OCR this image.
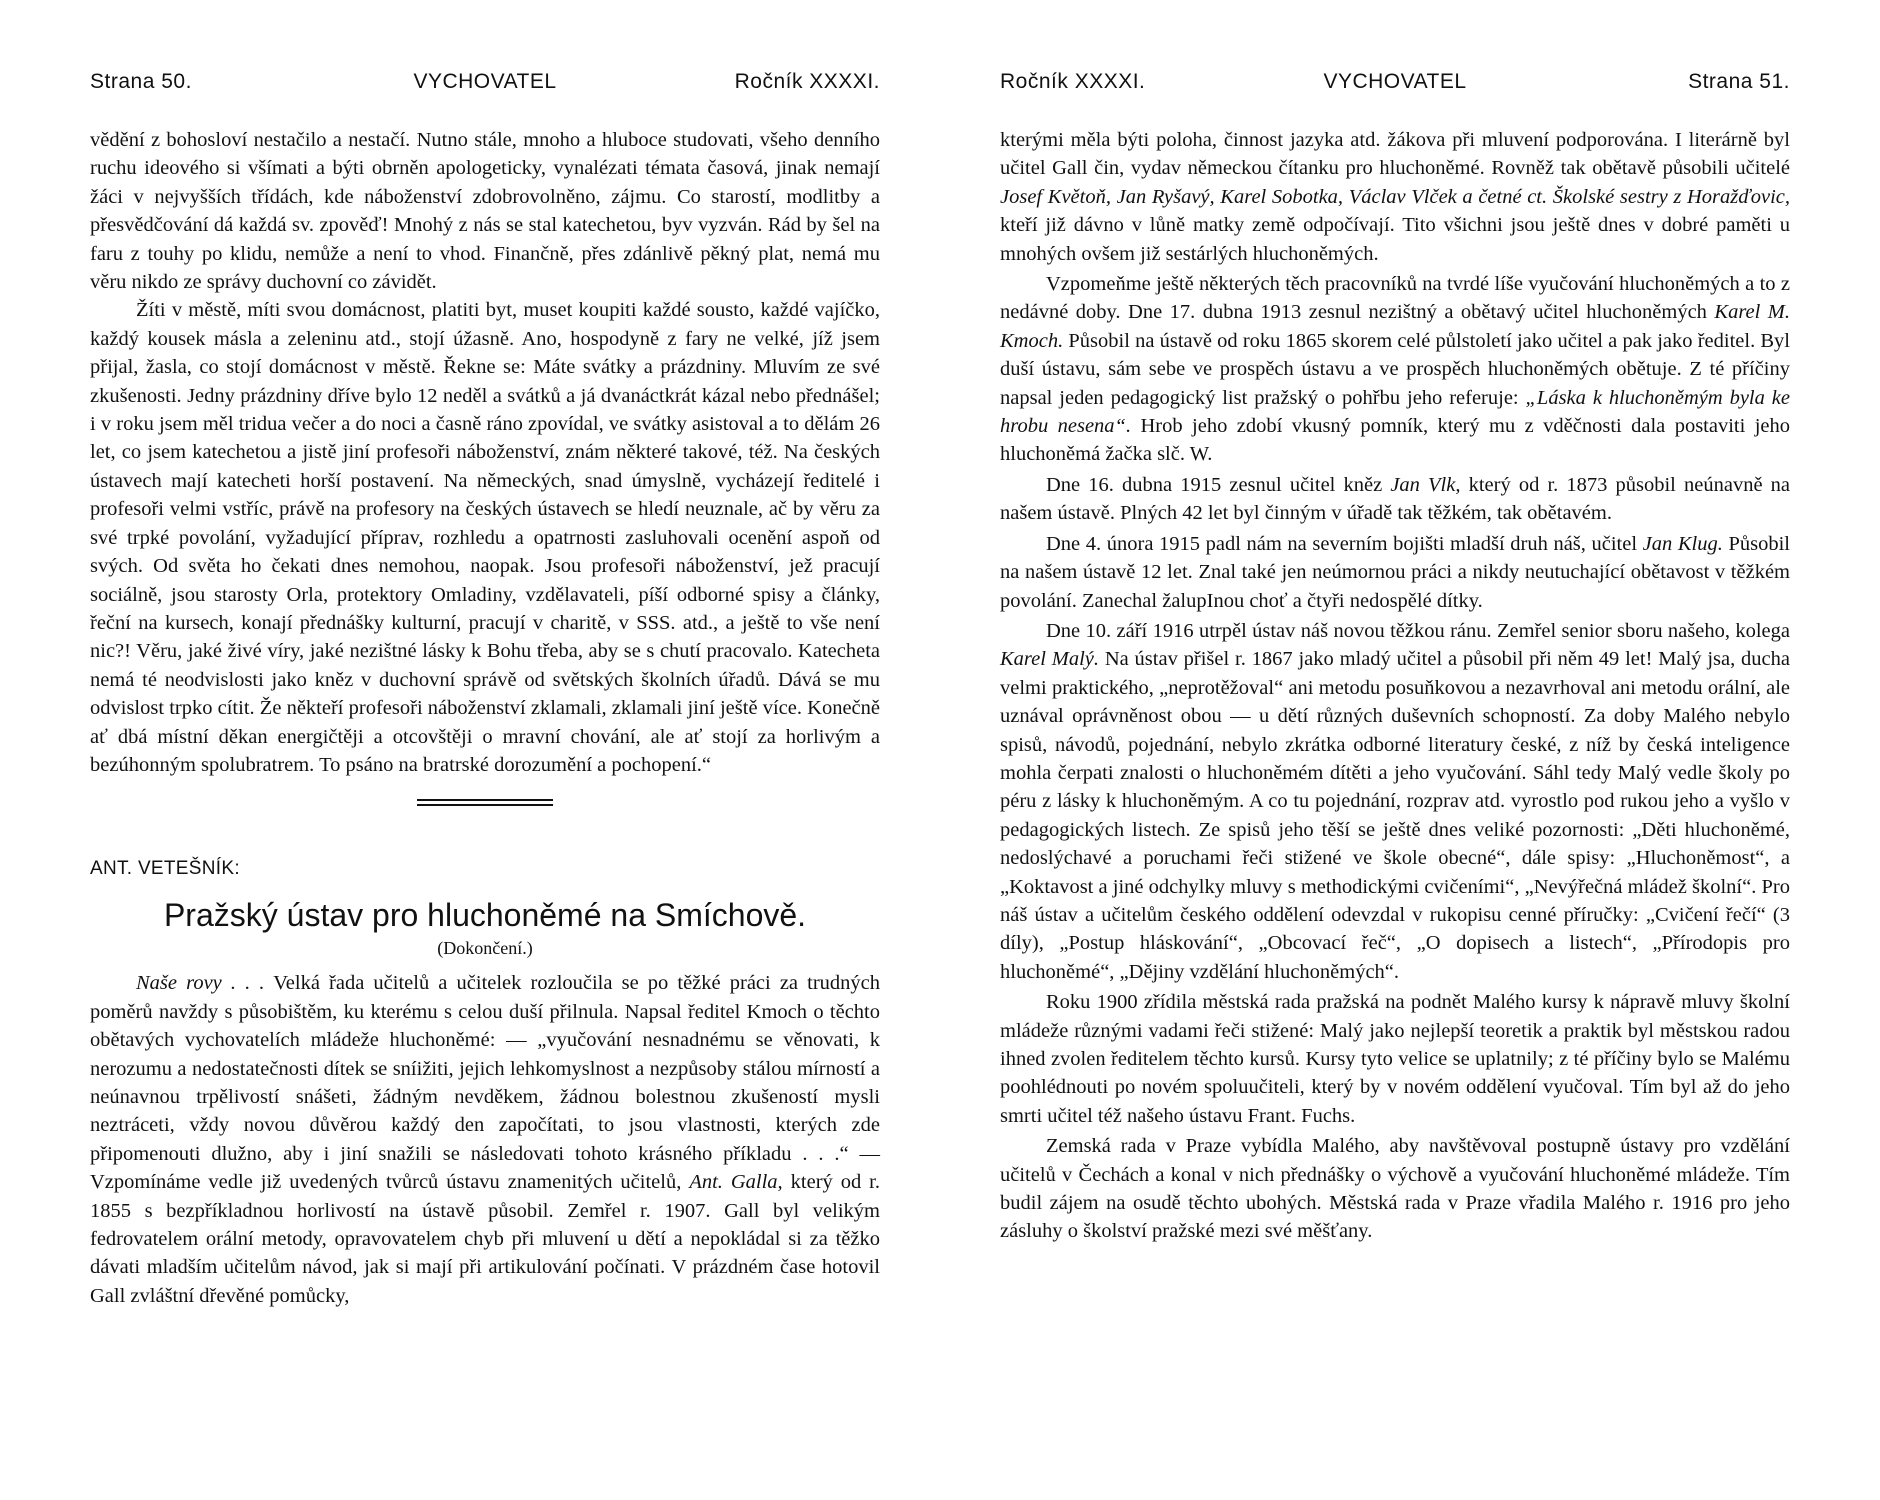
Strana 50.	VYCHOVATEL	Ročník XXXXI.

vědění z bohosloví nestačilo a nestačí. Nutno stále, mnoho a hluboce studovati, všeho denního ruchu ideového si všímati a býti obrněn apologeticky, vynalézati témata časová, jinak nemají žáci v nejvyšších třídách, kde náboženství zdobrovolněno, zájmu. Co starostí, modlitby a přesvědčování dá každá sv. zpověď! Mnohý z nás se stal katechetou, byv vyzván. Rád by šel na faru z touhy po klidu, nemůže a není to vhod. Finančně, přes zdánlivě pěkný plat, nemá mu věru nikdo ze správy duchovní co závidět.

Žíti v městě, míti svou domácnost, platiti byt, muset koupiti každé sousto, každé vajíčko, každý kousek másla a zeleninu atd., stojí úžasně. Ano, hospodyně z fary ne velké, jíž jsem přijal, žasla, co stojí domácnost v městě. Řekne se: Máte svátky a prázdniny. Mluvím ze své zkušenosti. Jedny prázdniny dříve bylo 12 neděl a svátků a já dvanáctkrát kázal nebo přednášel; i v roku jsem měl tridua večer a do noci a časně ráno zpovídal, ve svátky asistoval a to dělám 26 let, co jsem katechetou a jistě jiní profesoři náboženství, znám některé takové, též. Na českých ústavech mají katecheti horší postavení. Na německých, snad úmyslně, vycházejí ředitelé i profesoři velmi vstříc, právě na profesory na českých ústavech se hledí neuznale, ač by věru za své trpké povolání, vyžadující příprav, rozhledu a opatrnosti zasluhovali ocenění aspoň od svých. Od světa ho čekati dnes nemohou, naopak. Jsou profesoři náboženství, jež pracují sociálně, jsou starosty Orla, protektory Omladiny, vzdělavateli, píší odborné spisy a články, řeční na kursech, konají přednášky kulturní, pracují v charitě, v SSS. atd., a ještě to vše není nic?! Věru, jaké živé víry, jaké nezištné lásky k Bohu třeba, aby se s chutí pracovalo. Katecheta nemá té neodvislosti jako kněz v duchovní správě od světských školních úřadů. Dává se mu odvislost trpko cítit. Že někteří profesoři náboženství zklamali, zklamali jiní ještě více. Konečně ať dbá místní děkan energičtěji a otcovštěji o mravní chování, ale ať stojí za horlivým a bezúhonným spolubratrem. To psáno na bratrské dorozumění a pochopení.“

ANT. VETEŠNÍK:
Pražský ústav pro hluchoněmé na Smíchově.
(Dokončení.)

Naše rovy . . . Velká řada učitelů a učitelek rozloučila se po těžké práci za trudných poměrů navždy s působištěm, ku kterému s celou duší přilnula. Napsal ředitel Kmoch o těchto obětavých vychovatelích mládeže hluchoněmé: — „vyučování nesnadnému se věnovati, k nerozumu a nedostatečnosti dítek se sníižiti, jejich lehkomyslnost a nezpůsoby stálou mírností a neúnavnou trpělivostí snášeti, žádným nevděkem, žádnou bolestnou zkušeností mysli neztráceti, vždy novou důvěrou každý den započítati, to jsou vlastnosti, kterých zde připomenouti dlužno, aby i jiní snažili se následovati tohoto krásného příkladu . . .“ — Vzpomínáme vedle již uvedených tvůrců ústavu znamenitých učitelů, Ant. Galla, který od r. 1855 s bezpříkladnou horlivostí na ústavě působil. Zemřel r. 1907. Gall byl velikým fedrovatelem orální metody, opravovatelem chyb při mluvení u dětí a nepokládal si za těžko dávati mladším učitelům návod, jak si mají při artikulování počínati. V prázdném čase hotovil Gall zvláštní dřevěné pomůcky,

Ročník XXXXI.	VYCHOVATEL	Strana 51.

kterými měla býti poloha, činnost jazyka atd. žákova při mluvení podporována. I literárně byl učitel Gall čin, vydav německou čítanku pro hluchoněmé. Rovněž tak obětavě působili učitelé Josef Květoň, Jan Ryšavý, Karel Sobotka, Václav Vlček a četné ct. Školské sestry z Horažďovic, kteří již dávno v lůně matky země odpočívají. Tito všichni jsou ještě dnes v dobré paměti u mnohých ovšem již sestárlých hluchoněmých.

Vzpomeňme ještě některých těch pracovníků na tvrdé líše vyučování hluchoněmých a to z nedávné doby. Dne 17. dubna 1913 zesnul nezištný a obětavý učitel hluchoněmých Karel M. Kmoch. Působil na ústavě od roku 1865 skorem celé půlstoletí jako učitel a pak jako ředitel. Byl duší ústavu, sám sebe ve prospěch ústavu a ve prospěch hluchoněmých obětuje. Z té příčiny napsal jeden pedagogický list pražský o pohřbu jeho referuje: „Láska k hluchoněmým byla ke hrobu nesena“. Hrob jeho zdobí vkusný pomník, který mu z vděčnosti dala postaviti jeho hluchoněmá žačka slč. W.

Dne 16. dubna 1915 zesnul učitel kněz Jan Vlk, který od r. 1873 působil neúnavně na našem ústavě. Plných 42 let byl činným v úřadě tak těžkém, tak obětavém.

Dne 4. února 1915 padl nám na severním bojišti mladší druh náš, učitel Jan Klug. Působil na našem ústavě 12 let. Znal také jen neúmornou práci a nikdy neutuchající obětavost v těžkém povolání. Zanechal žalupInou choť a čtyři nedospělé dítky.

Dne 10. září 1916 utrpěl ústav náš novou těžkou ránu. Zemřel senior sboru našeho, kolega Karel Malý. Na ústav přišel r. 1867 jako mladý učitel a působil při něm 49 let! Malý jsa, ducha velmi praktického, „neprotěžoval“ ani metodu posuňkovou a nezavrhoval ani metodu orální, ale uznával oprávněnost obou — u dětí různých duševních schopností. Za doby Malého nebylo spisů, návodů, pojednání, nebylo zkrátka odborné literatury české, z níž by česká inteligence mohla čerpati znalosti o hluchoněmém dítěti a jeho vyučování. Sáhl tedy Malý vedle školy po péru z lásky k hluchoněmým. A co tu pojednání, rozprav atd. vyrostlo pod rukou jeho a vyšlo v pedagogických listech. Ze spisů jeho těší se ještě dnes veliké pozornosti: „Děti hluchoněmé, nedoslýchavé a poruchami řeči stižené ve škole obecné“, dále spisy: „Hluchoněmost“, a „Koktavost a jiné odchylky mluvy s methodickými cvičeními“, „Nevýřečná mládež školní“. Pro náš ústav a učitelům českého oddělení odevzdal v rukopisu cenné příručky: „Cvičení řečí“ (3 díly), „Postup hláskování“, „Obcovací řeč“, „O dopisech a listech“, „Přírodopis pro hluchoněmé“, „Dějiny vzdělání hluchoněmých“.

Roku 1900 zřídila městská rada pražská na podnět Malého kursy k nápravě mluvy školní mládeže různými vadami řeči stižené: Malý jako nejlepší teoretik a praktik byl městskou radou ihned zvolen ředitelem těchto kursů. Kursy tyto velice se uplatnily; z té příčiny bylo se Malému poohlédnouti po novém spoluučiteli, který by v novém oddělení vyučoval. Tím byl až do jeho smrti učitel též našeho ústavu Frant. Fuchs.

Zemská rada v Praze vybídla Malého, aby navštěvoval postupně ústavy pro vzdělání učitelů v Čechách a konal v nich přednášky o výchově a vyučování hluchoněmé mládeže. Tím budil zájem na osudě těchto ubohých. Městská rada v Praze vřadila Malého r. 1916 pro jeho zásluhy o školství pražské mezi své měšťany.
